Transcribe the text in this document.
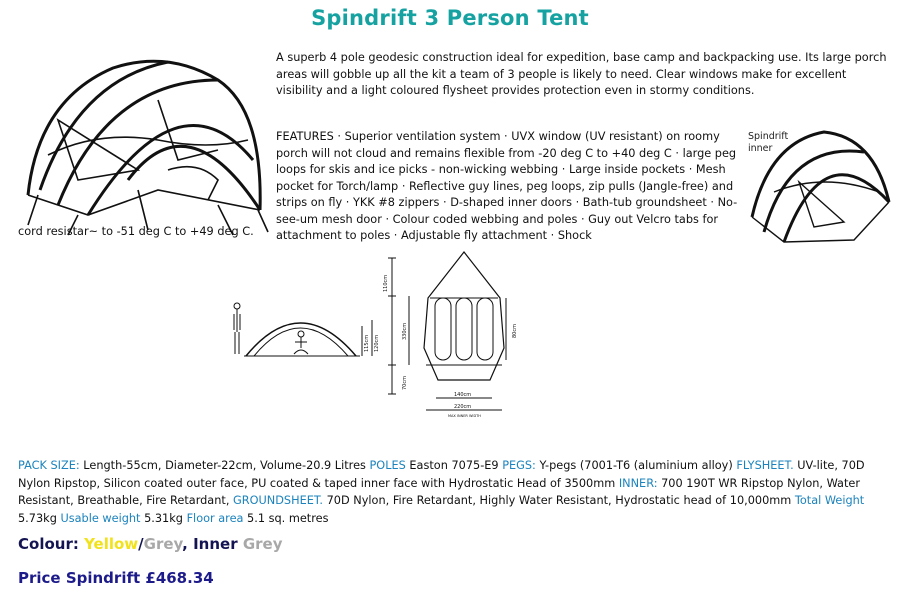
Spindrift 3 Person Tent
A superb 4 pole geodesic construction ideal for expedition, base camp and backpacking use. Its large porch areas will gobble up all the kit a team of 3 people is likely to need. Clear windows make for excellent visibility and a light coloured flysheet provides protection even in stormy conditions.
FEATURES · Superior ventilation system · UVX window (UV resistant) on roomy porch will not cloud and remains flexible from -20 deg C to +40 deg C · large peg loops for skis and ice picks - non-wicking webbing · Large inside pockets · Mesh pocket for Torch/lamp · Reflective guy lines, peg loops, zip pulls (Jangle-free) and strips on fly · YKK #8 zippers · D-shaped inner doors · Bath-tub groundsheet · No-see-um mesh door · Colour coded webbing and poles · Guy out Velcro tabs for attachment to poles · Adjustable fly attachment · Shock
cord resistar~ to -51 deg C to +49 deg C.
Spindrift inner
110cm
330cm
70cm
80cm
115cm 120cm
140cm
220cm
MAX INNER WIDTH
PACK SIZE: Length-55cm, Diameter-22cm, Volume-20.9 Litres POLES Easton 7075-E9 PEGS: Y-pegs (7001-T6 (aluminium alloy) FLYSHEET. UV-lite, 70D Nylon Ripstop, Silicon coated outer face, PU coated & taped inner face with Hydrostatic Head of 3500mm INNER: 700 190T WR Ripstop Nylon, Water Resistant, Breathable, Fire Retardant, GROUNDSHEET. 70D Nylon, Fire Retardant, Highly Water Resistant, Hydrostatic head of 10,000mm Total Weight 5.73kg Usable weight 5.31kg Floor area 5.1 sq. metres
Colour: Yellow/Grey, Inner Grey
Price Spindrift £468.34
